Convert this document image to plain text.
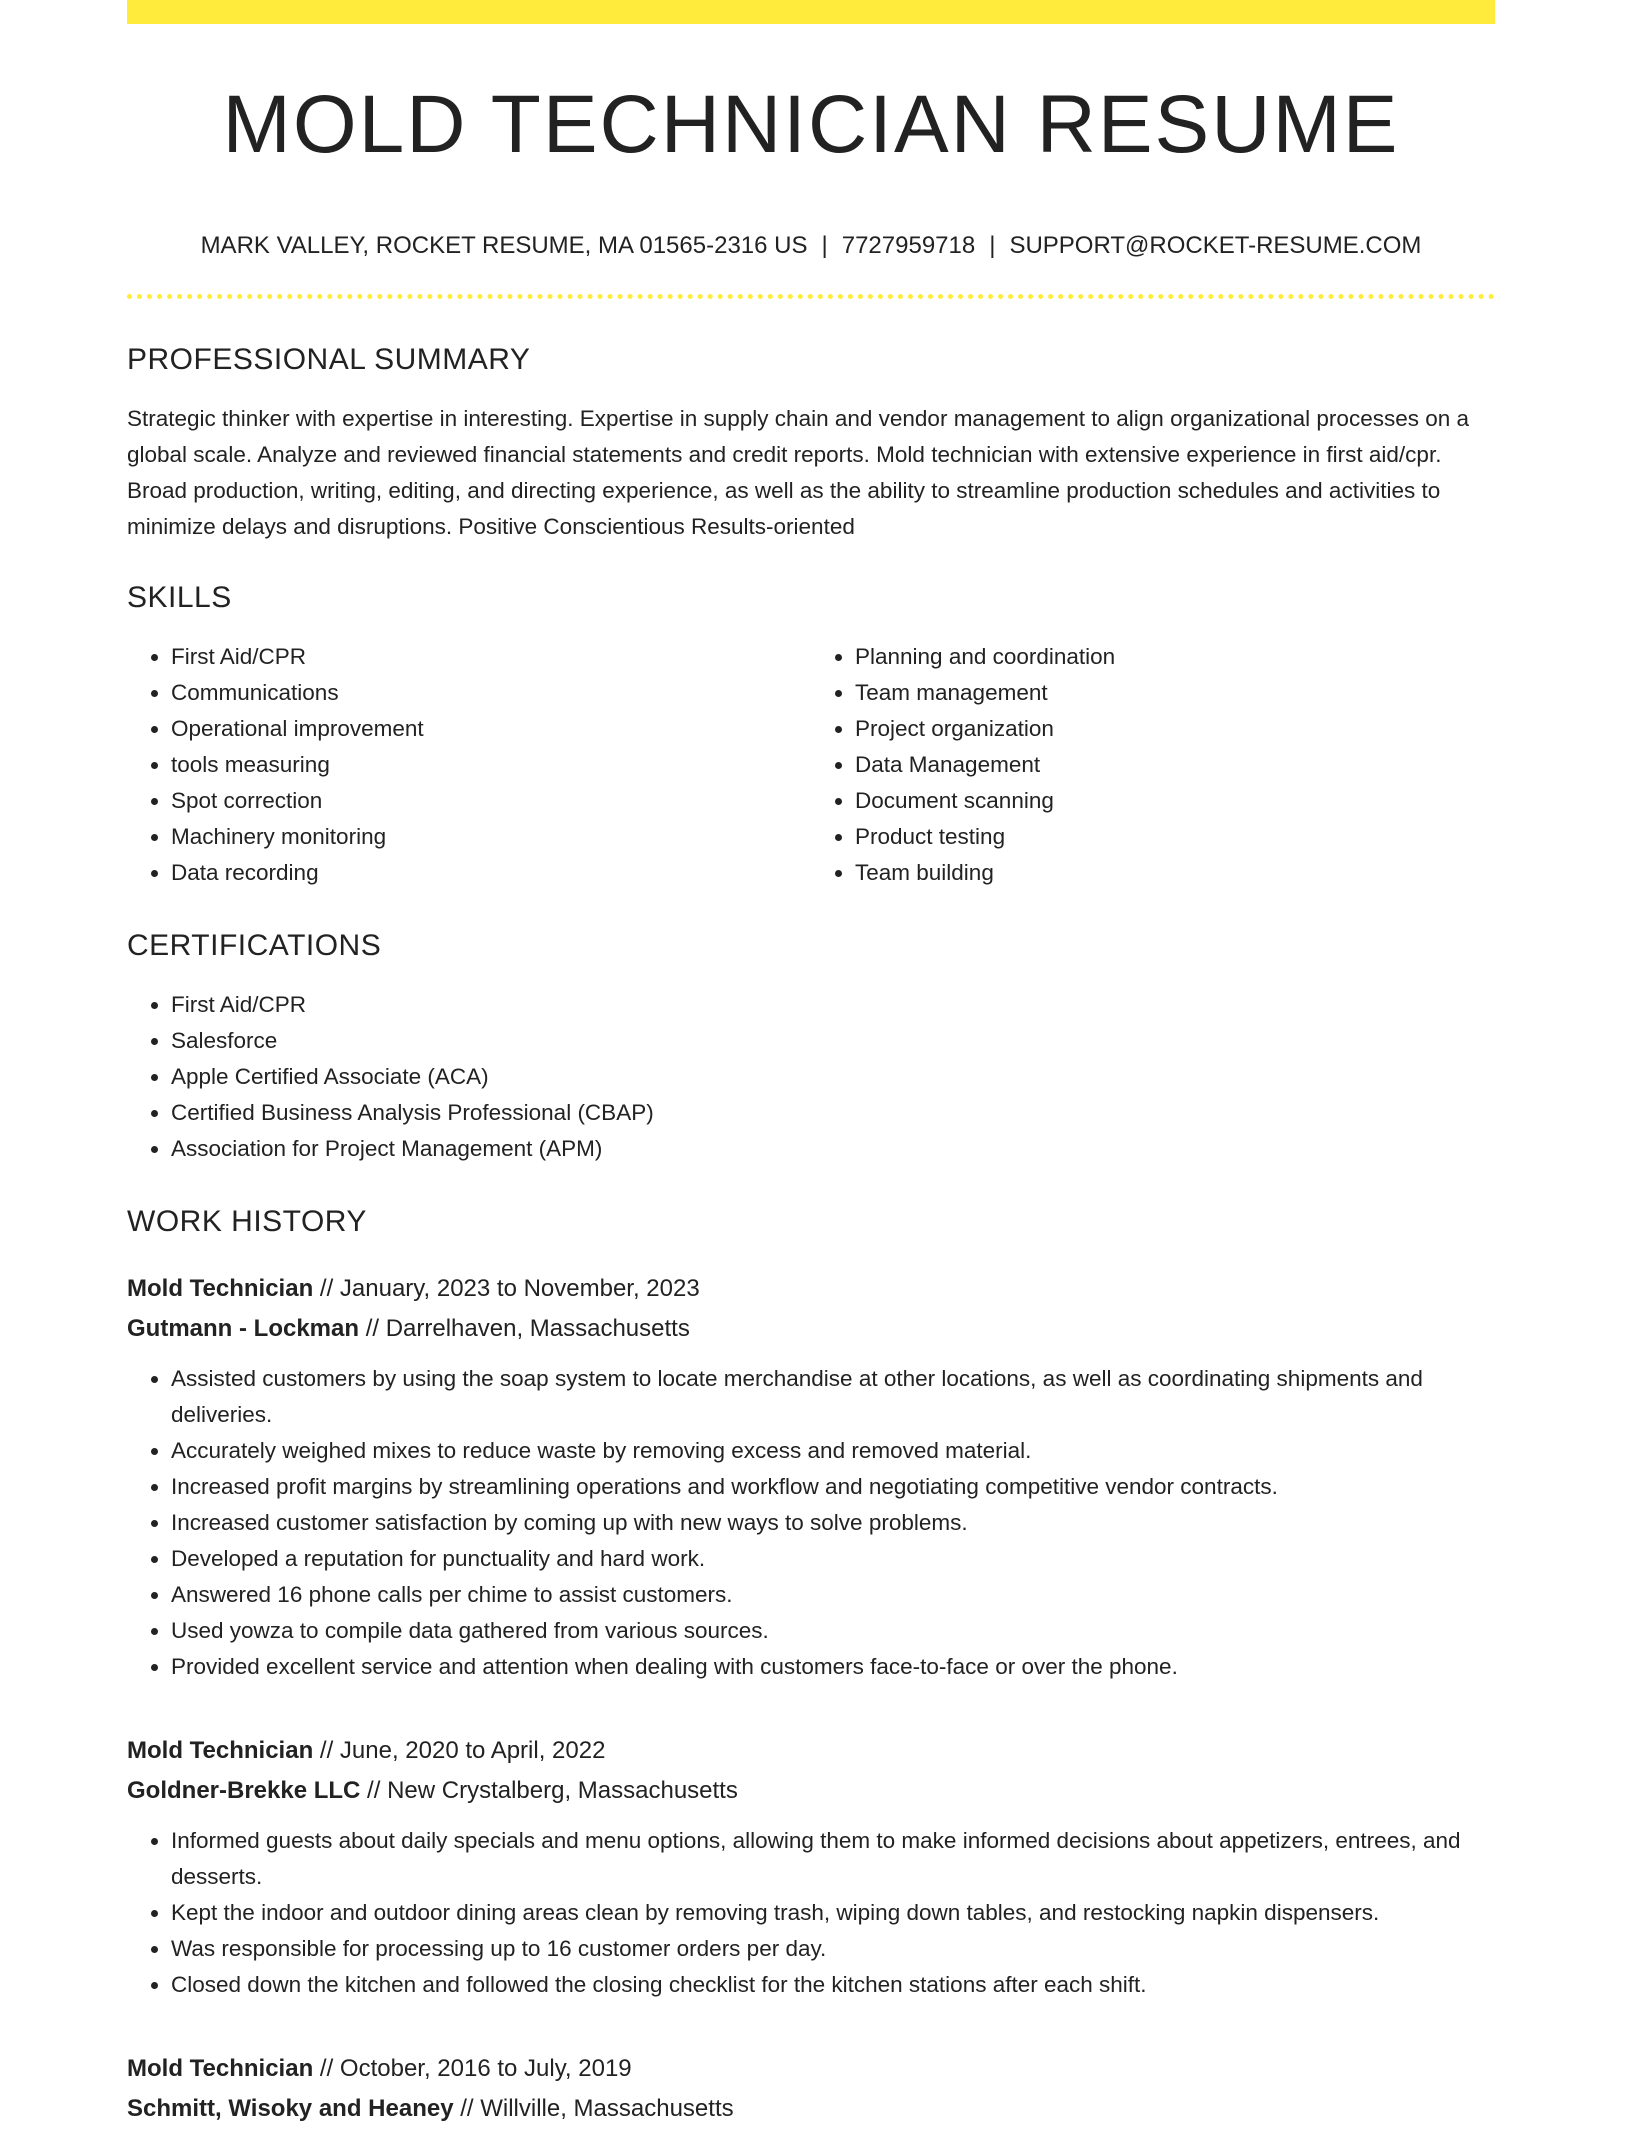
MOLD TECHNICIAN RESUME
MARK VALLEY, ROCKET RESUME, MA 01565-2316 US | 7727959718 | SUPPORT@ROCKET-RESUME.COM
PROFESSIONAL SUMMARY
Strategic thinker with expertise in interesting. Expertise in supply chain and vendor management to align organizational processes on a global scale. Analyze and reviewed financial statements and credit reports. Mold technician with extensive experience in first aid/cpr. Broad production, writing, editing, and directing experience, as well as the ability to streamline production schedules and activities to minimize delays and disruptions. Positive Conscientious Results-oriented
SKILLS
• First Aid/CPR
• Communications
• Operational improvement
• tools measuring
• Spot correction
• Machinery monitoring
• Data recording
• Planning and coordination
• Team management
• Project organization
• Data Management
• Document scanning
• Product testing
• Team building
CERTIFICATIONS
• First Aid/CPR
• Salesforce
• Apple Certified Associate (ACA)
• Certified Business Analysis Professional (CBAP)
• Association for Project Management (APM)
WORK HISTORY
Mold Technician // January, 2023 to November, 2023
Gutmann - Lockman // Darrelhaven, Massachusetts
• Assisted customers by using the soap system to locate merchandise at other locations, as well as coordinating shipments and deliveries.
• Accurately weighed mixes to reduce waste by removing excess and removed material.
• Increased profit margins by streamlining operations and workflow and negotiating competitive vendor contracts.
• Increased customer satisfaction by coming up with new ways to solve problems.
• Developed a reputation for punctuality and hard work.
• Answered 16 phone calls per chime to assist customers.
• Used yowza to compile data gathered from various sources.
• Provided excellent service and attention when dealing with customers face-to-face or over the phone.
Mold Technician // June, 2020 to April, 2022
Goldner-Brekke LLC // New Crystalberg, Massachusetts
• Informed guests about daily specials and menu options, allowing them to make informed decisions about appetizers, entrees, and desserts.
• Kept the indoor and outdoor dining areas clean by removing trash, wiping down tables, and restocking napkin dispensers.
• Was responsible for processing up to 16 customer orders per day.
• Closed down the kitchen and followed the closing checklist for the kitchen stations after each shift.
Mold Technician // October, 2016 to July, 2019
Schmitt, Wisoky and Heaney // Willville, Massachusetts
